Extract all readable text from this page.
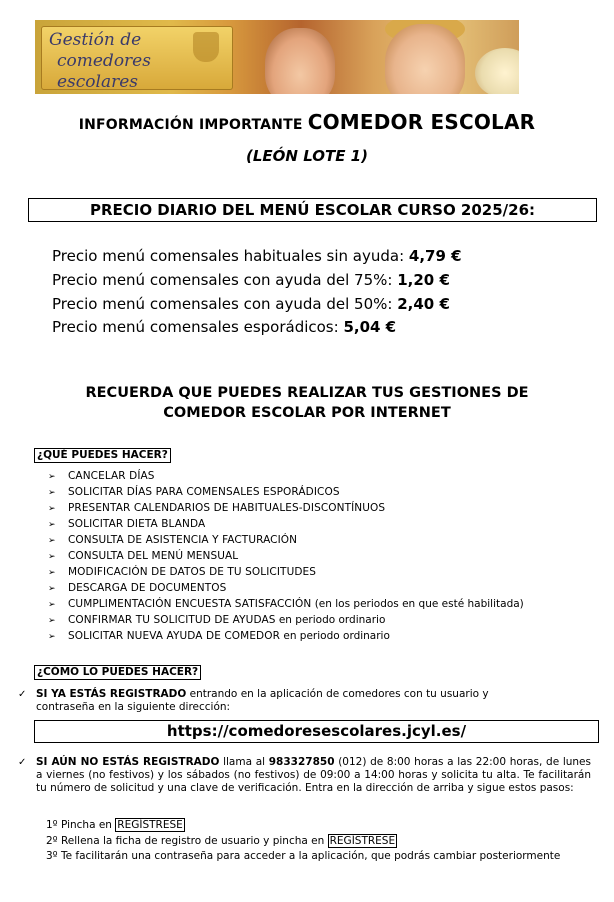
Gestión de
comedores escolares
INFORMACIÓN IMPORTANTE COMEDOR ESCOLAR
(LEÓN LOTE 1)
PRECIO DIARIO DEL MENÚ ESCOLAR CURSO 2025/26:
Precio menú comensales habituales sin ayuda: 4,79 €
Precio menú comensales con ayuda del 75%: 1,20 €
Precio menú comensales con ayuda del 50%: 2,40 €
Precio menú comensales esporádicos: 5,04 €
RECUERDA QUE PUEDES REALIZAR TUS GESTIONES DE
COMEDOR ESCOLAR POR INTERNET
¿QUÉ PUEDES HACER?
➢ CANCELAR DÍAS
➢ SOLICITAR DÍAS PARA COMENSALES ESPORÁDICOS
➢ PRESENTAR CALENDARIOS DE HABITUALES-DISCONTÍNUOS
➢ SOLICITAR DIETA BLANDA
➢ CONSULTA DE ASISTENCIA Y FACTURACIÓN
➢ CONSULTA DEL MENÚ MENSUAL
➢ MODIFICACIÓN DE DATOS DE TU SOLICITUDES
➢ DESCARGA DE DOCUMENTOS
➢ CUMPLIMENTACIÓN ENCUESTA SATISFACCIÓN (en los periodos en que esté habilitada)
➢ CONFIRMAR TU SOLICITUD DE AYUDAS en periodo ordinario
➢ SOLICITAR NUEVA AYUDA DE COMEDOR en periodo ordinario
¿CÓMO LO PUEDES HACER?
✓ SI YA ESTÁS REGISTRADO entrando en la aplicación de comedores con tu usuario y
contraseña en la siguiente dirección:
https://comedoresescolares.jcyl.es/
✓ SI AÚN NO ESTÁS REGISTRADO llama al 983327850 (012) de 8:00 horas a las 22:00 horas, de lunes a viernes (no festivos) y los sábados (no festivos) de 09:00 a 14:00 horas y solicita tu alta. Te facilitarán tu número de solicitud y una clave de verificación. Entra en la dirección de arriba y sigue estos pasos:
1º Pincha en REGÍSTRESE
2º Rellena la ficha de registro de usuario y pincha en REGÍSTRESE
3º Te facilitarán una contraseña para acceder a la aplicación, que podrás cambiar posteriormente
